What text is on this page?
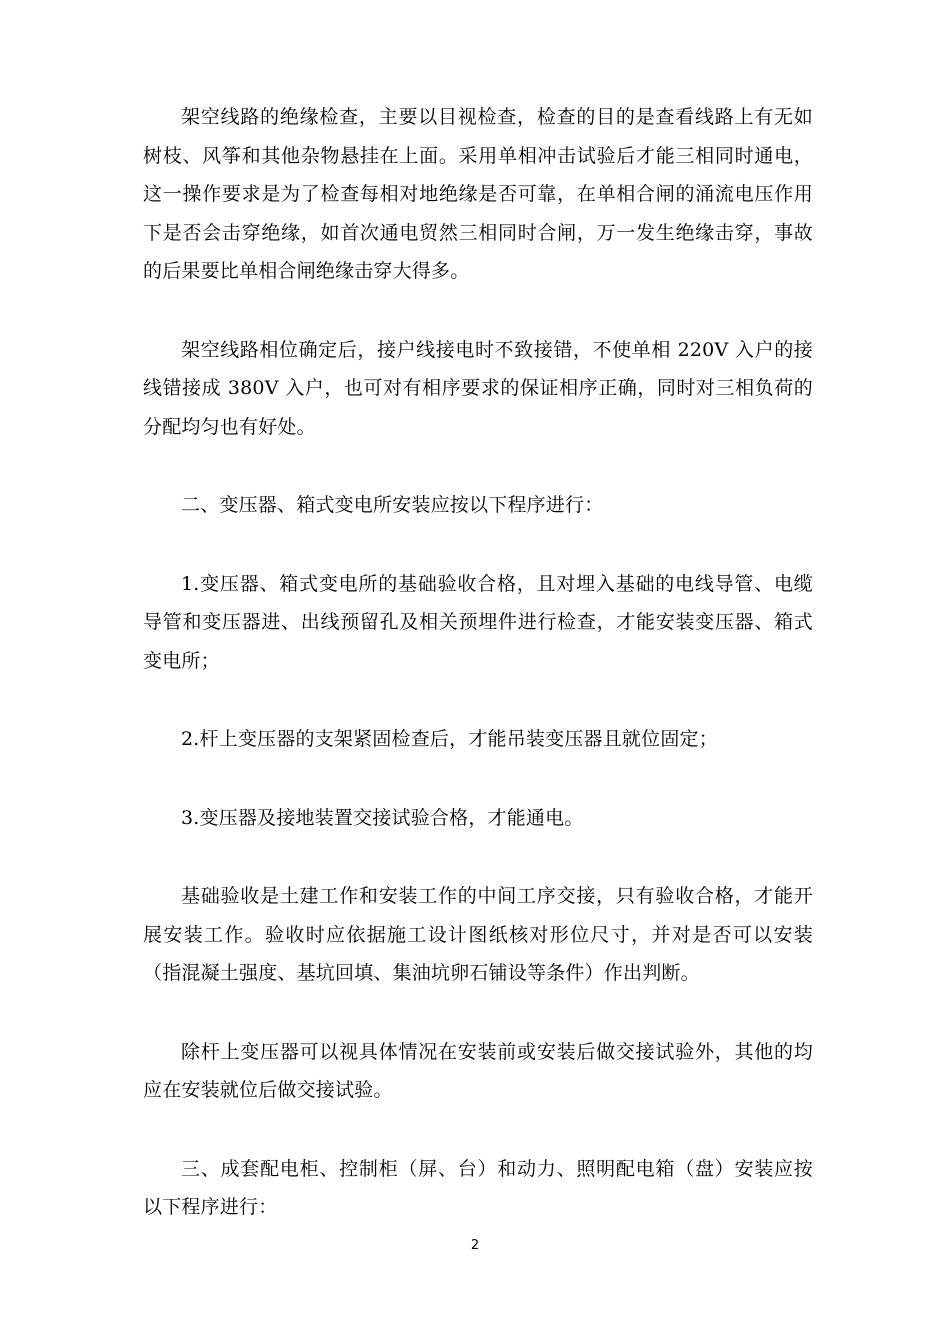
架空线路的绝缘检查，主要以目视检查，检查的目的是查看线路上有无如树枝、风筝和其他杂物悬挂在上面。采用单相冲击试验后才能三相同时通电，这一操作要求是为了检查每相对地绝缘是否可靠，在单相合闸的涌流电压作用下是否会击穿绝缘，如首次通电贸然三相同时合闸，万一发生绝缘击穿，事故的后果要比单相合闸绝缘击穿大得多。

架空线路相位确定后，接户线接电时不致接错，不使单相 220V 入户的接线错接成 380V 入户，也可对有相序要求的保证相序正确，同时对三相负荷的分配均匀也有好处。

二、变压器、箱式变电所安装应按以下程序进行：

1.变压器、箱式变电所的基础验收合格，且对埋入基础的电线导管、电缆导管和变压器进、出线预留孔及相关预埋件进行检查，才能安装变压器、箱式变电所；

2.杆上变压器的支架紧固检查后，才能吊装变压器且就位固定；

3.变压器及接地装置交接试验合格，才能通电。

基础验收是土建工作和安装工作的中间工序交接，只有验收合格，才能开展安装工作。验收时应依据施工设计图纸核对形位尺寸，并对是否可以安装（指混凝土强度、基坑回填、集油坑卵石铺设等条件）作出判断。

除杆上变压器可以视具体情况在安装前或安装后做交接试验外，其他的均应在安装就位后做交接试验。

三、成套配电柜、控制柜（屏、台）和动力、照明配电箱（盘）安装应按以下程序进行：

2
